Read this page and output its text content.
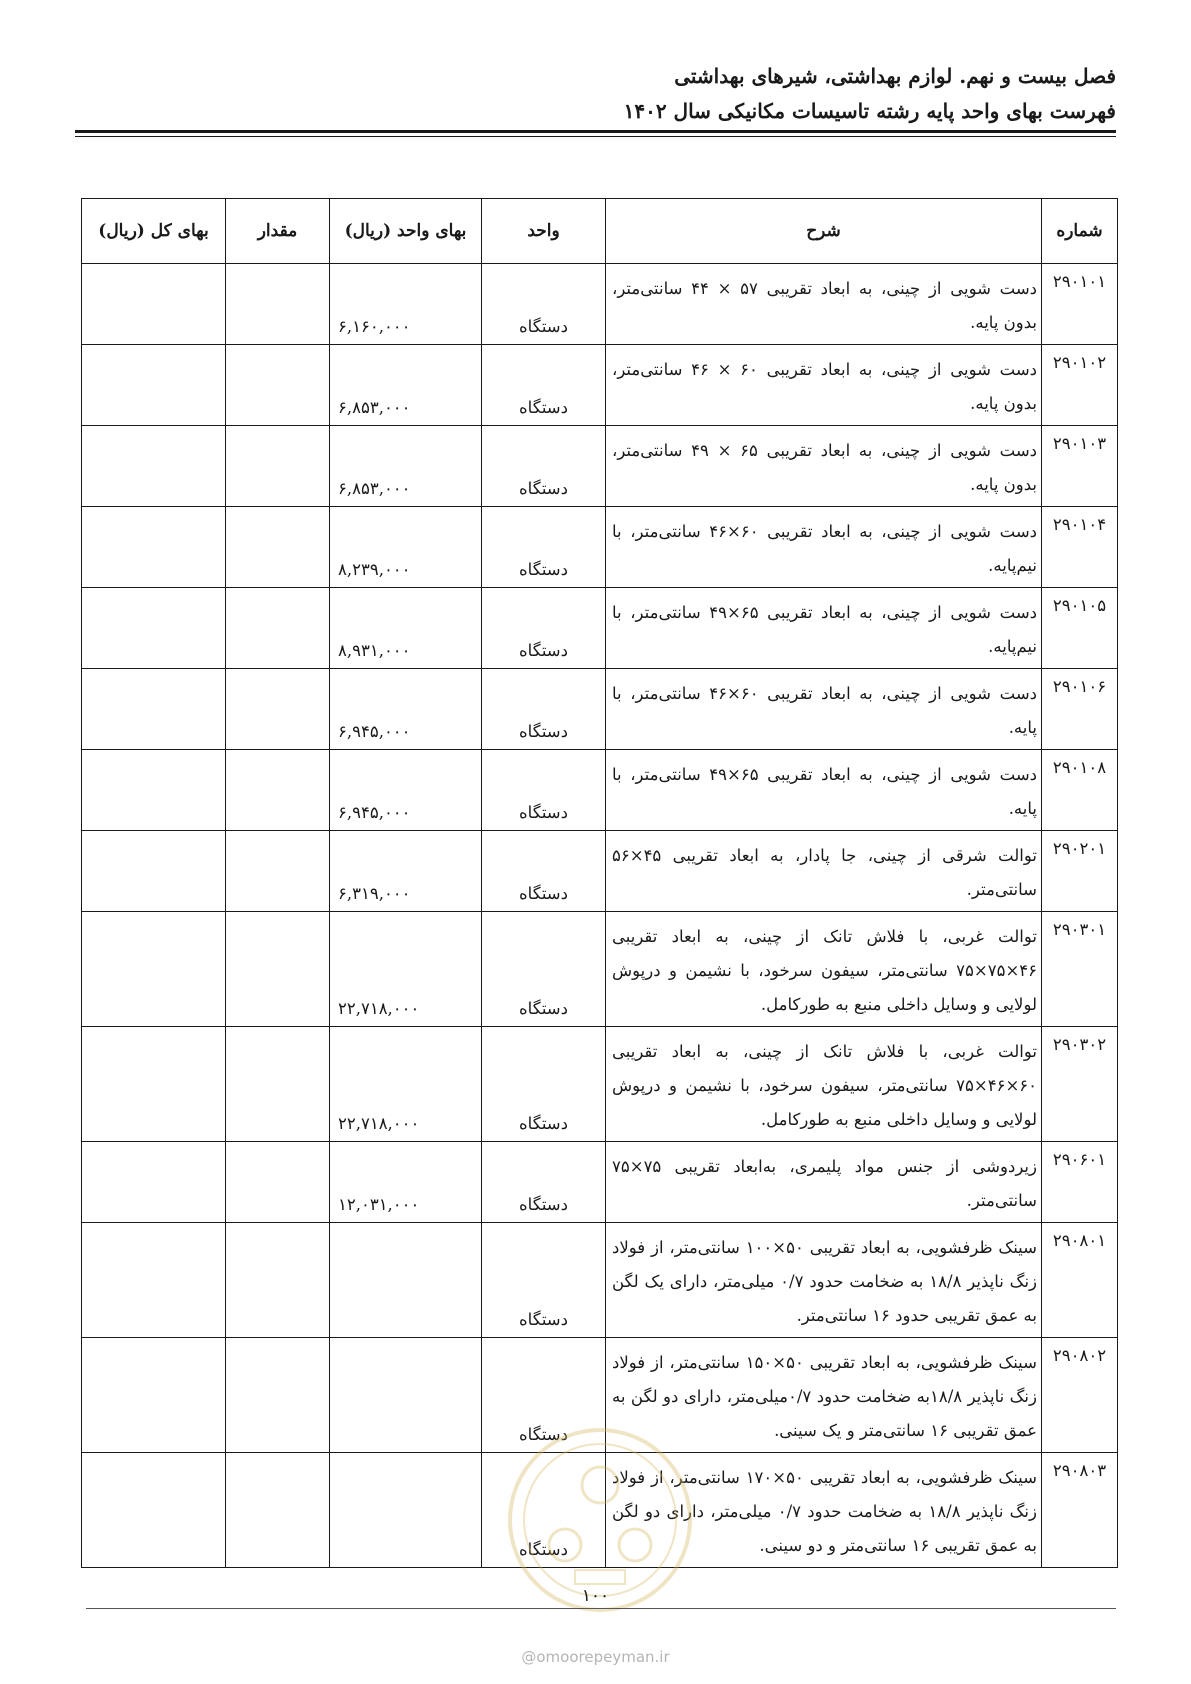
فصل بیست و نهم. لوازم بهداشتی، شیرهای بهداشتی
فهرست بهای واحد پایه رشته تاسیسات مکانیکی سال ۱۴۰۲
شماره	شرح	واحد	بهای واحد (ریال)	مقدار	بهای کل (ریال)
۲۹۰۱۰۱	دست شویی از چینی، به ابعاد تقریبی ۵۷ × ۴۴ سانتی‌متر، بدون پایه.	دستگاه	۶,۱۶۰,۰۰۰		
۲۹۰۱۰۲	دست شویی از چینی، به ابعاد تقریبی ۶۰ × ۴۶ سانتی‌متر، بدون پایه.	دستگاه	۶,۸۵۳,۰۰۰		
۲۹۰۱۰۳	دست شویی از چینی، به ابعاد تقریبی ۶۵ × ۴۹ سانتی‌متر، بدون پایه.	دستگاه	۶,۸۵۳,۰۰۰		
۲۹۰۱۰۴	دست شویی از چینی، به ابعاد تقریبی ۶۰×۴۶ سانتی‌متر، با نیم‌پایه.	دستگاه	۸,۲۳۹,۰۰۰		
۲۹۰۱۰۵	دست شویی از چینی، به ابعاد تقریبی ۶۵×۴۹ سانتی‌متر، با نیم‌پایه.	دستگاه	۸,۹۳۱,۰۰۰		
۲۹۰۱۰۶	دست شویی از چینی، به ابعاد تقریبی ۶۰×۴۶ سانتی‌متر، با پایه.	دستگاه	۶,۹۴۵,۰۰۰		
۲۹۰۱۰۸	دست شویی از چینی، به ابعاد تقریبی ۶۵×۴۹ سانتی‌متر، با پایه.	دستگاه	۶,۹۴۵,۰۰۰		
۲۹۰۲۰۱	توالت شرقی از چینی، جا پادار، به ابعاد تقریبی ۴۵×۵۶ سانتی‌متر.	دستگاه	۶,۳۱۹,۰۰۰		
۲۹۰۳۰۱	توالت غربی، با فلاش تانک از چینی، به ابعاد تقریبی ۴۶×۷۵×۷۵ سانتی‌متر، سیفون سرخود، با نشیمن و درپوش لولایی و وسایل داخلی منبع به طورکامل.	دستگاه	۲۲,۷۱۸,۰۰۰		
۲۹۰۳۰۲	توالت غربی، با فلاش تانک از چینی، به ابعاد تقریبی ۶۰×۴۶×۷۵ سانتی‌متر، سیفون سرخود، با نشیمن و درپوش لولایی و وسایل داخلی منبع به طورکامل.	دستگاه	۲۲,۷۱۸,۰۰۰		
۲۹۰۶۰۱	زیردوشی از جنس مواد پلیمری، به‌ابعاد تقریبی ۷۵×۷۵ سانتی‌متر.	دستگاه	۱۲,۰۳۱,۰۰۰		
۲۹۰۸۰۱	سینک ظرفشویی، به ابعاد تقریبی ۵۰×۱۰۰ سانتی‌متر، از فولاد زنگ ناپذیر ۱۸/۸ به ضخامت حدود ۰/۷ میلی‌متر، دارای یک لگن به عمق تقریبی حدود ۱۶ سانتی‌متر.	دستگاه			
۲۹۰۸۰۲	سینک ظرفشویی، به ابعاد تقریبی ۵۰×۱۵۰ سانتی‌متر، از فولاد زنگ ناپذیر ۱۸/۸به ضخامت حدود ۰/۷میلی‌متر، دارای دو لگن به عمق تقریبی ۱۶ سانتی‌متر و یک سینی.	دستگاه			
۲۹۰۸۰۳	سینک ظرفشویی، به ابعاد تقریبی ۵۰×۱۷۰ سانتی‌متر، از فولاد زنگ ناپذیر ۱۸/۸ به ضخامت حدود ۰/۷ میلی‌متر، دارای دو لگن به عمق تقریبی ۱۶ سانتی‌متر و دو سینی.	دستگاه			
۱۰۰
@omoorepeyman.ir
